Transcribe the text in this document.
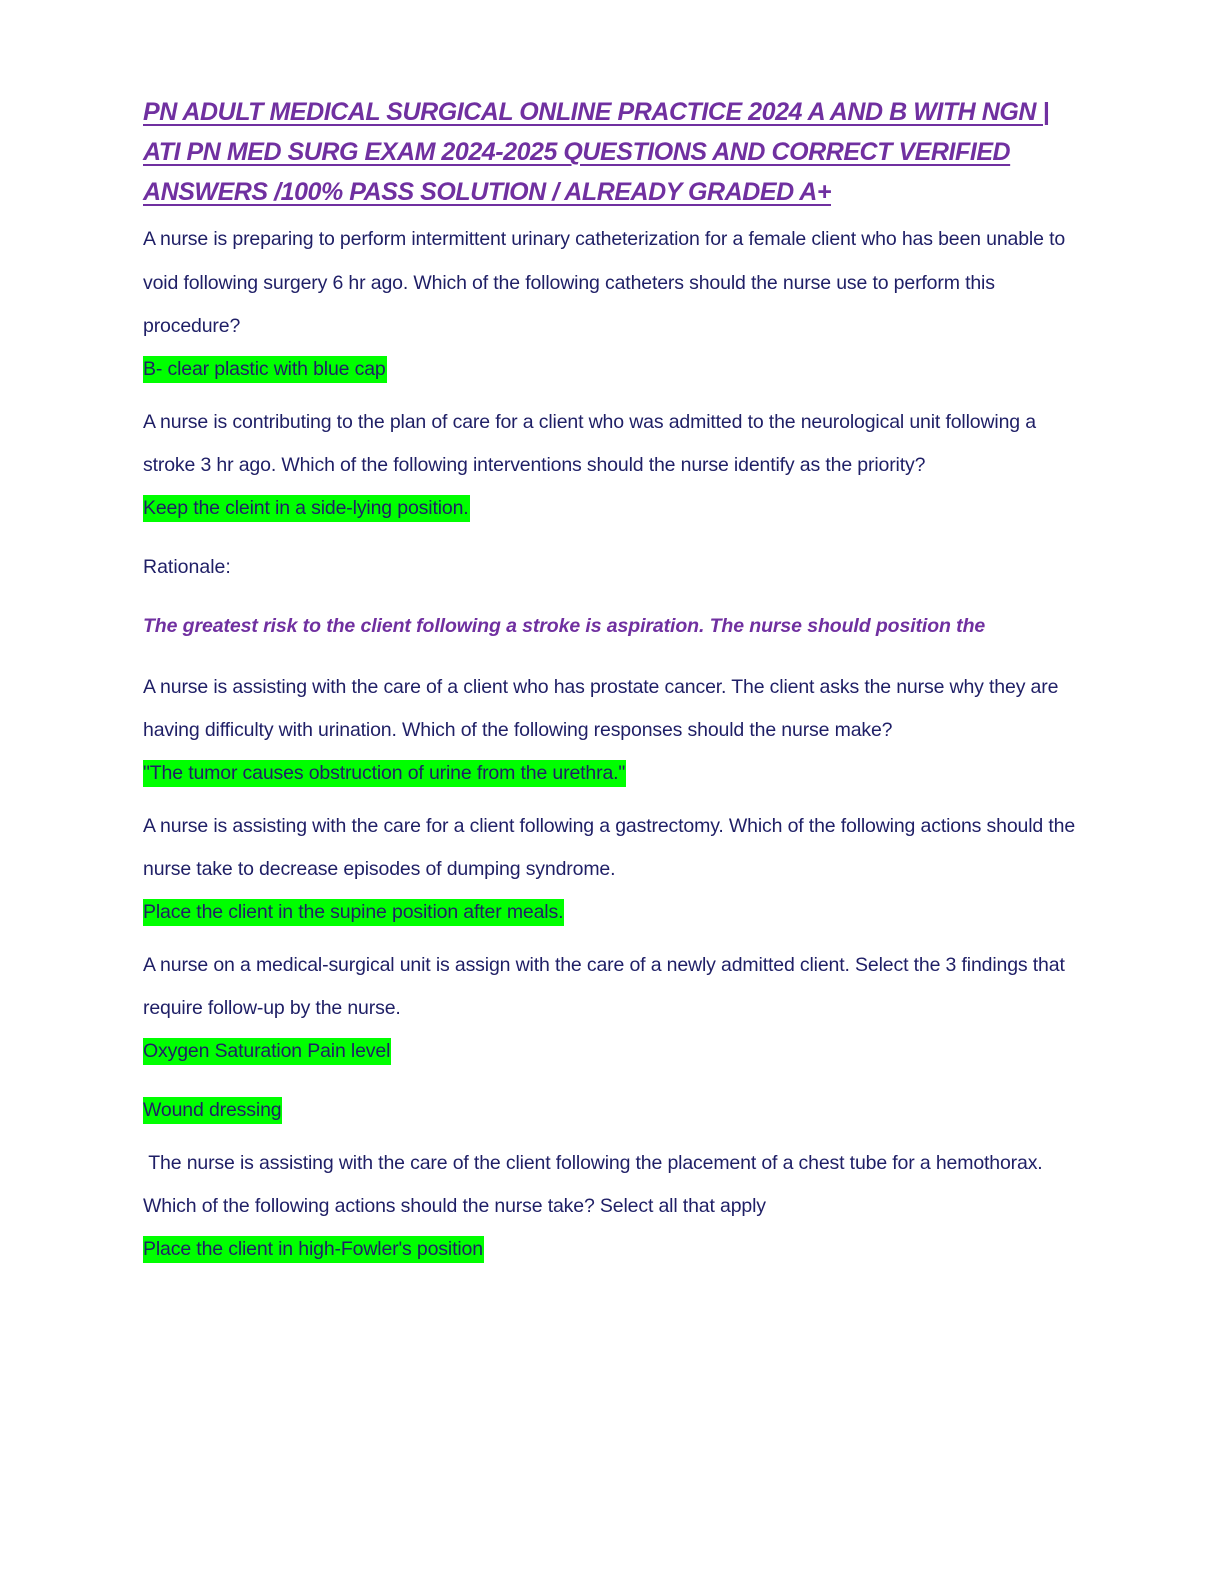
PN ADULT MEDICAL SURGICAL ONLINE PRACTICE 2024 A AND B WITH NGN | ATI PN MED SURG EXAM 2024-2025 QUESTIONS AND CORRECT VERIFIED ANSWERS /100% PASS SOLUTION / ALREADY GRADED A+

A nurse is preparing to perform intermittent urinary catheterization for a female client who has been unable to void following surgery 6 hr ago. Which of the following catheters should the nurse use to perform this procedure?

B- clear plastic with blue cap

A nurse is contributing to the plan of care for a client who was admitted to the neurological unit following a stroke 3 hr ago. Which of the following interventions should the nurse identify as the priority?

Keep the cleint in a side-lying position.

Rationale:

The greatest risk to the client following a stroke is aspiration. The nurse should position the

A nurse is assisting with the care of a client who has prostate cancer. The client asks the nurse why they are having difficulty with urination. Which of the following responses should the nurse make?

"The tumor causes obstruction of urine from the urethra."

A nurse is assisting with the care for a client following a gastrectomy. Which of the following actions should the nurse take to decrease episodes of dumping syndrome.

Place the client in the supine position after meals.

A nurse on a medical-surgical unit is assign with the care of a newly admitted client. Select the 3 findings that require follow-up by the nurse.

Oxygen Saturation Pain level
Wound dressing

The nurse is assisting with the care of the client following the placement of a chest tube for a hemothorax. Which of the following actions should the nurse take? Select all that apply

Place the client in high-Fowler's position
